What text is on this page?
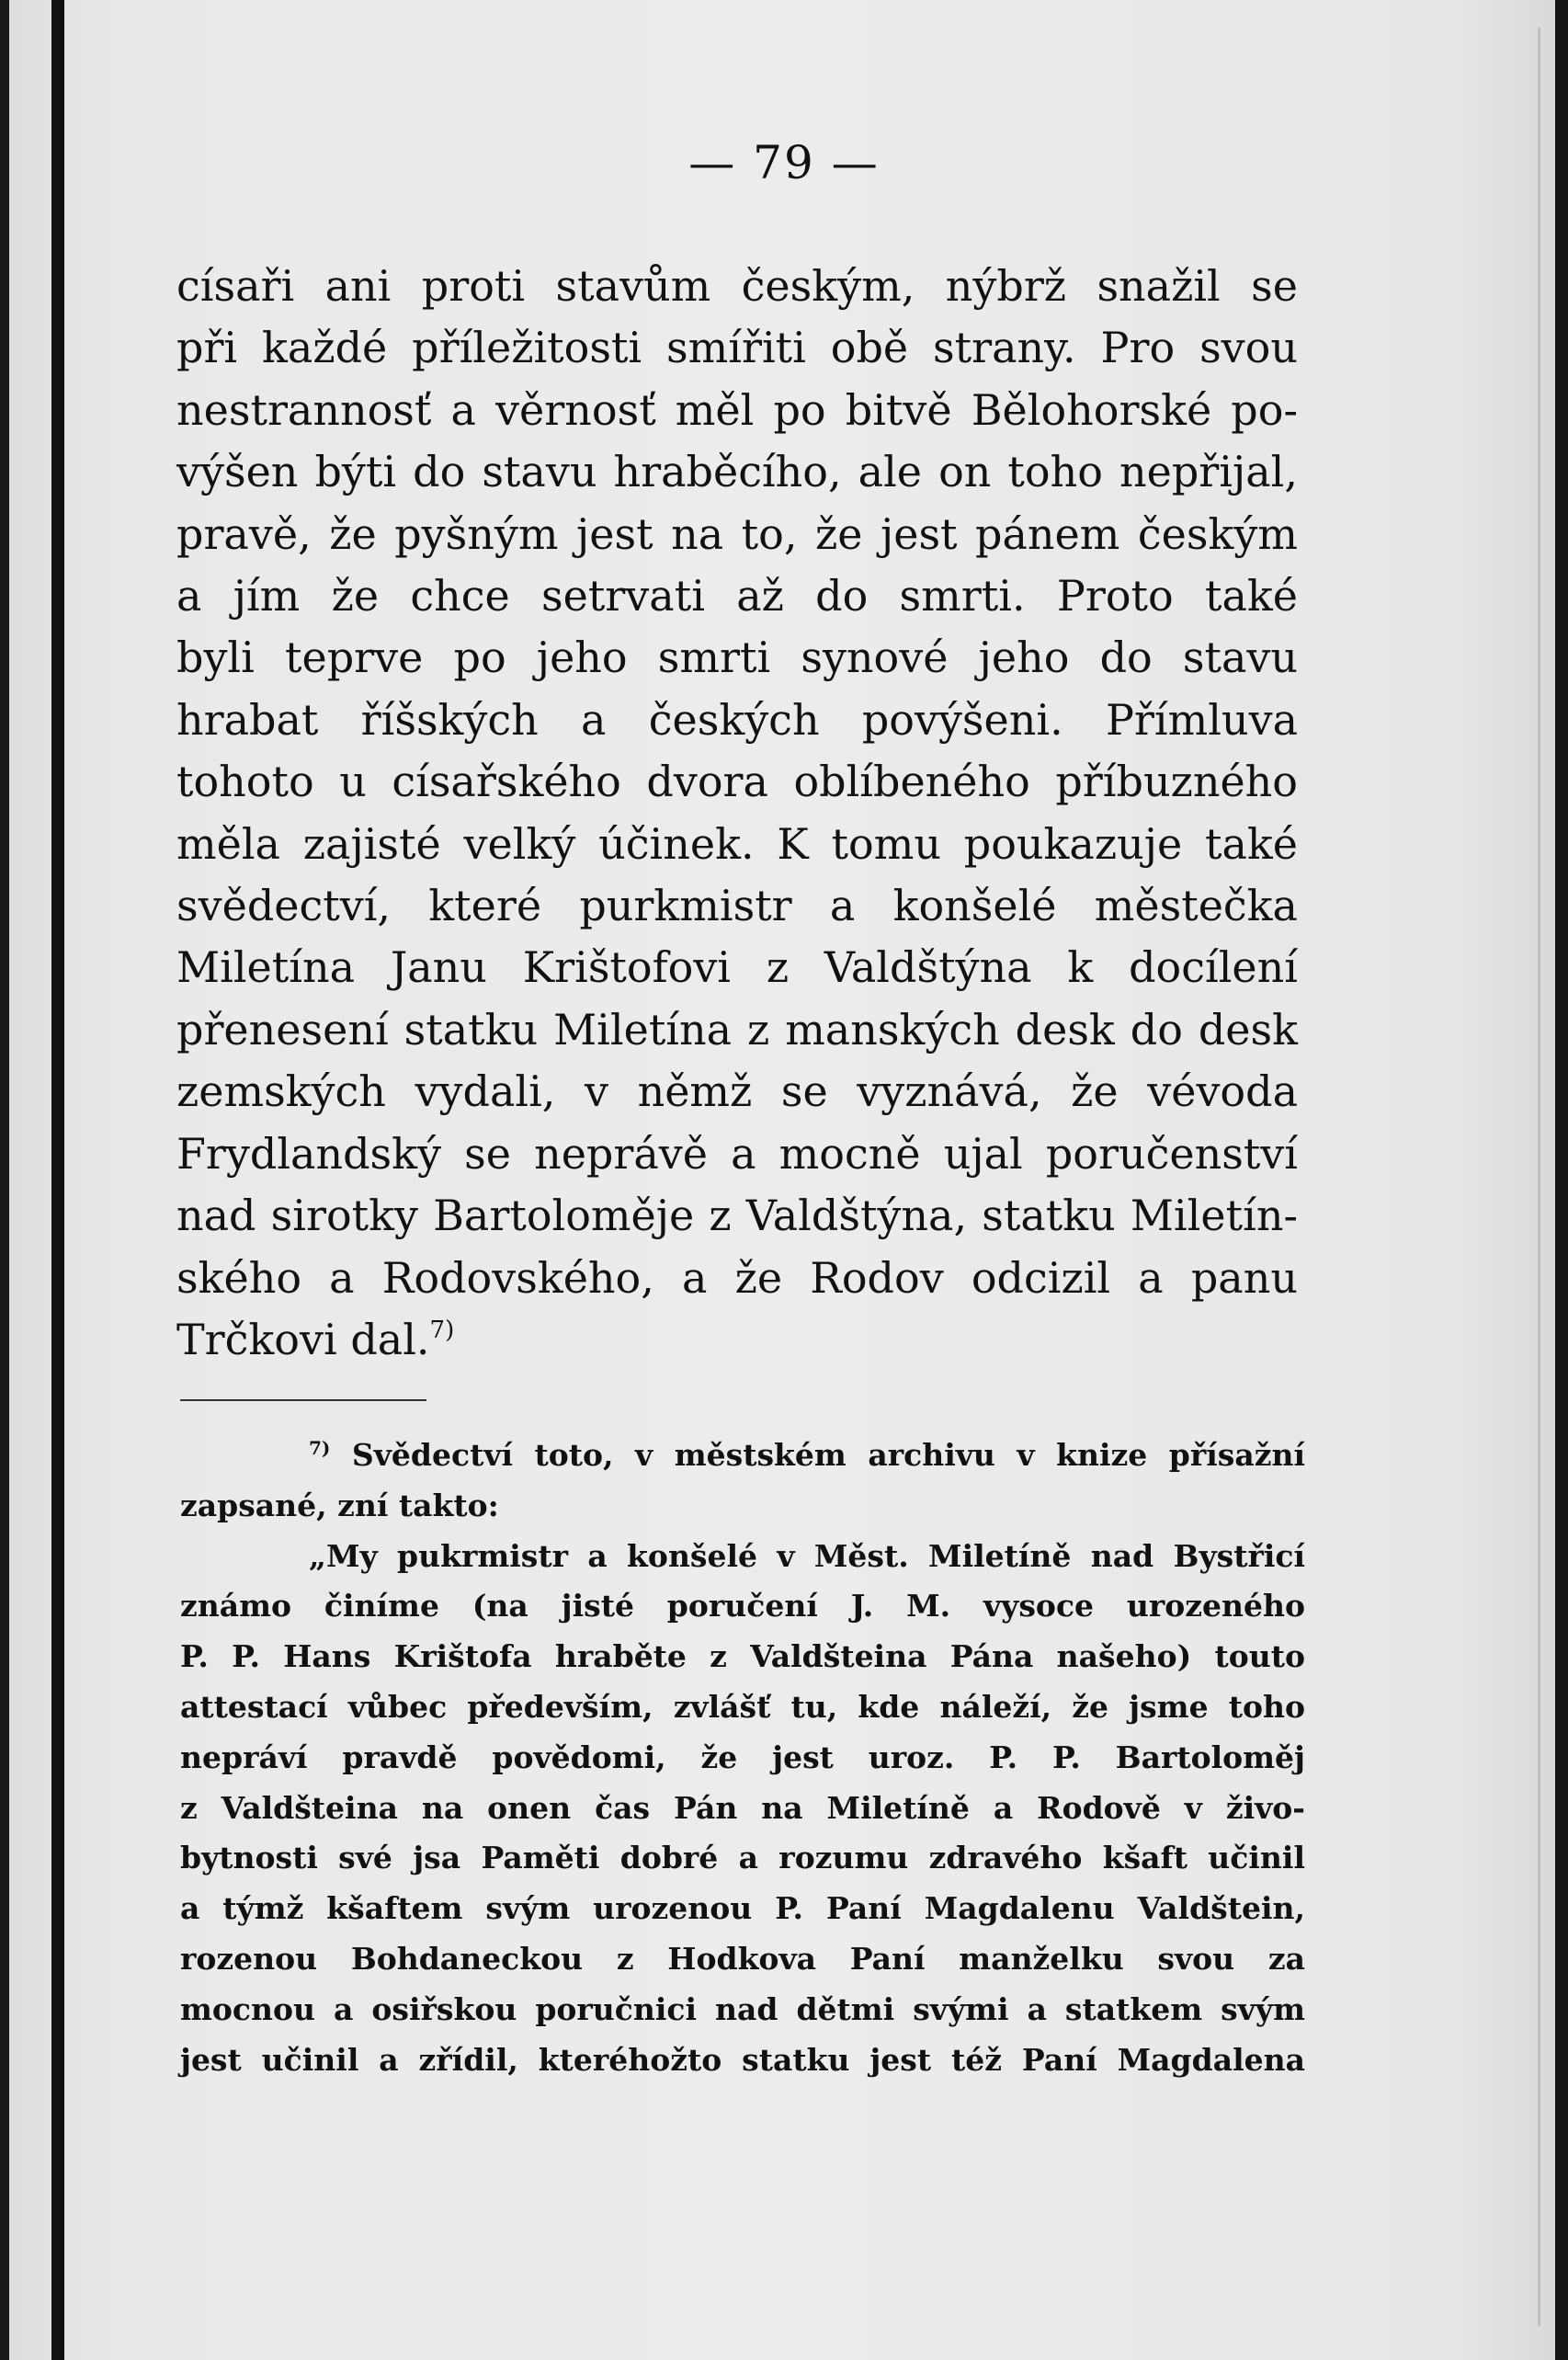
— 79 —
císaři ani proti stavům českým, nýbrž snažil se
při každé příležitosti smířiti obě strany. Pro svou
nestrannosť a věrnosť měl po bitvě Bělohorské po-
výšen býti do stavu hraběcího, ale on toho nepřijal,
pravě, že pyšným jest na to, že jest pánem českým
a jím že chce setrvati až do smrti. Proto také
byli teprve po jeho smrti synové jeho do stavu
hrabat říšských a českých povýšeni. Přímluva
tohoto u císařského dvora oblíbeného příbuzného
měla zajisté velký účinek. K tomu poukazuje také
svědectví, které purkmistr a konšelé městečka
Miletína Janu Krištofovi z Valdštýna k docílení
přenesení statku Miletína z manských desk do desk
zemských vydali, v němž se vyznává, že vévoda
Frydlandský se neprávě a mocně ujal poručenství
nad sirotky Bartoloměje z Valdštýna, statku Miletín-
ského a Rodovského, a že Rodov odcizil a panu
Trčkovi dal.$^{7)}$
$^{7)}$ Svědectví toto, v městském archivu v knize přísažní
zapsané, zní takto:
„My pukrmistr a konšelé v Měst. Miletíně nad Bystřicí
známo činíme (na jisté poručení J. M. vysoce urozeného
P. P. Hans Krištofa hraběte z Valdšteina Pána našeho) touto
attestací vůbec především, zvlášť tu, kde náleží, že jsme toho
nepráví pravdě povědomi, že jest uroz. P. P. Bartoloměj
z Valdšteina na onen čas Pán na Miletíně a Rodově v živo-
bytnosti své jsa Paměti dobré a rozumu zdravého kšaft učinil
a týmž kšaftem svým urozenou P. Paní Magdalenu Valdštein,
rozenou Bohdaneckou z Hodkova Paní manželku svou za
mocnou a osiřskou poručnici nad dětmi svými a statkem svým
jest učinil a zřídil, kteréhožto statku jest též Paní Magdalena
